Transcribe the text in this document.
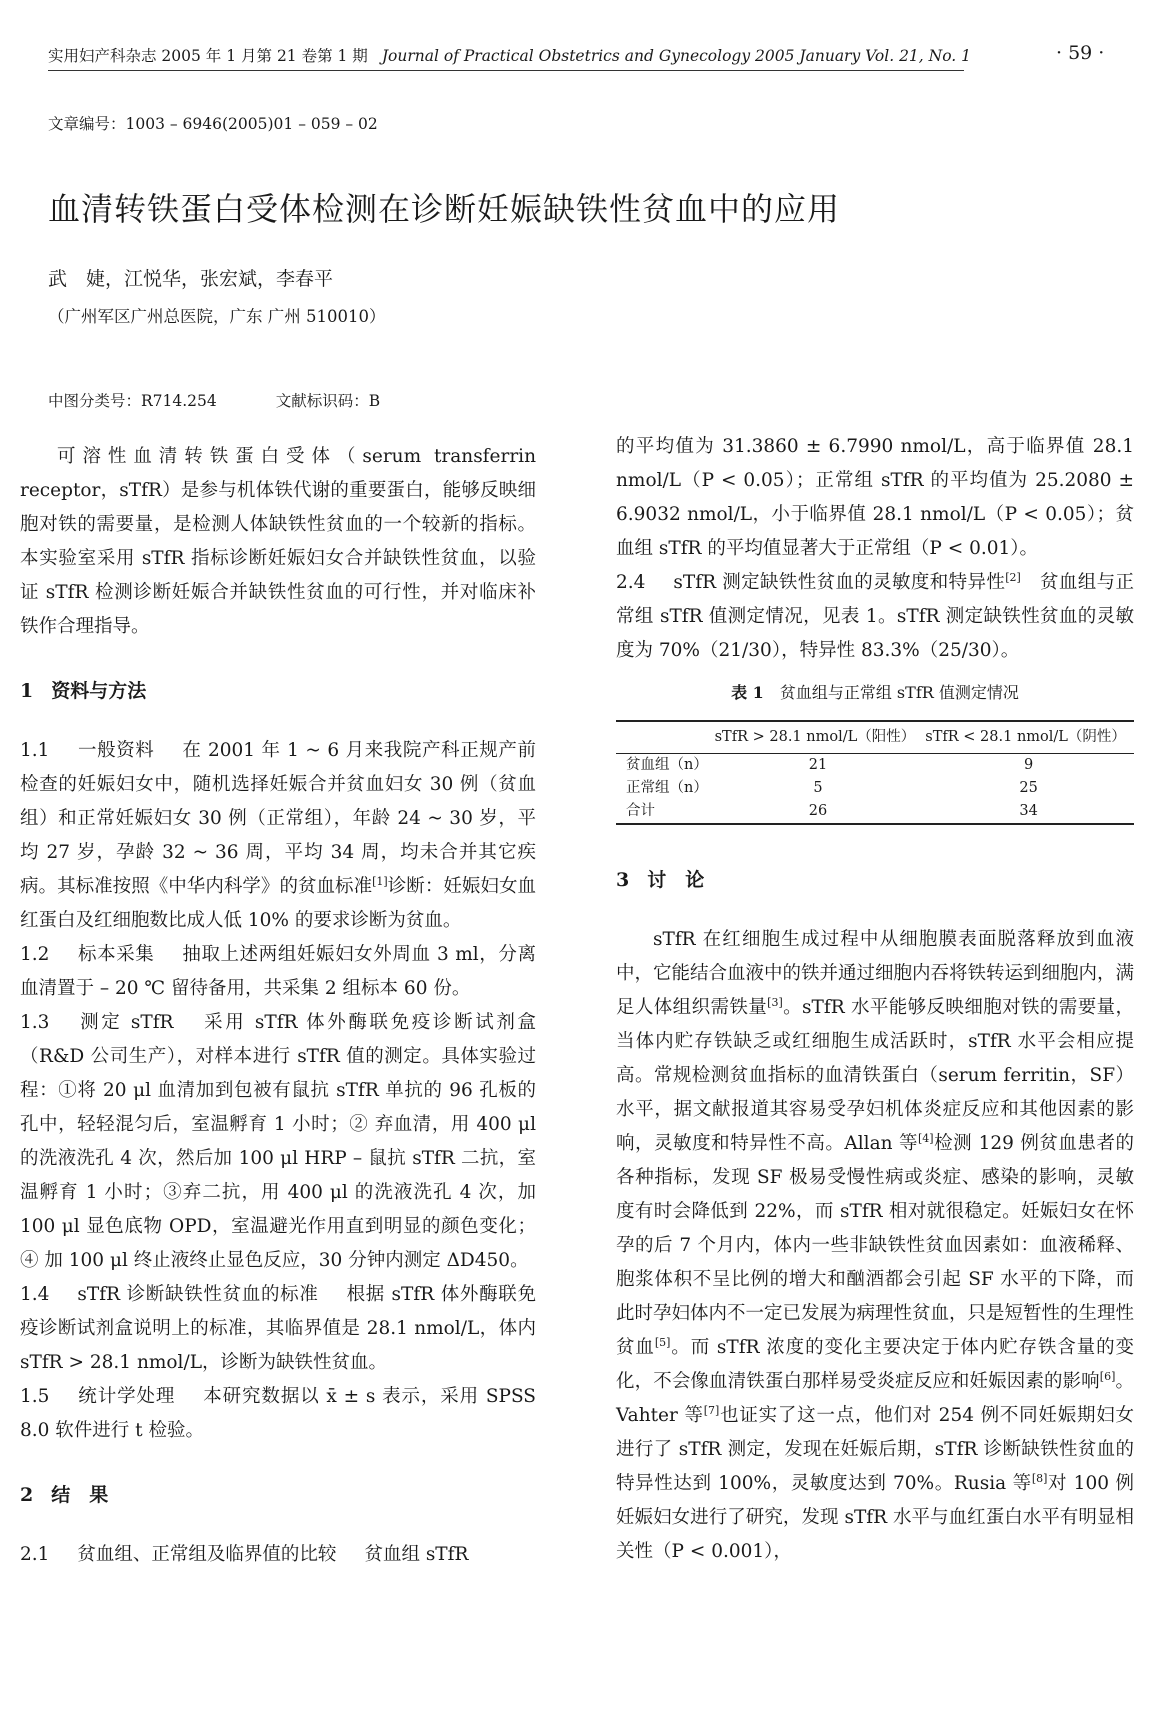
实用妇产科杂志 2005 年 1 月第 21 卷第 1 期 Journal of Practical Obstetrics and Gynecology 2005 January Vol. 21, No. 1	· 59 ·
文章编号：1003 – 6946(2005)01 – 059 – 02
血清转铁蛋白受体检测在诊断妊娠缺铁性贫血中的应用
武　婕，江悦华，张宏斌，李春平
（广州军区广州总医院，广东 广州 510010）
中图分类号：R714.254	文献标识码：B

可溶性血清转铁蛋白受体（serum transferrin receptor，sTfR）是参与机体铁代谢的重要蛋白，能够反映细胞对铁的需要量，是检测人体缺铁性贫血的一个较新的指标。本实验室采用 sTfR 指标诊断妊娠妇女合并缺铁性贫血，以验证 sTfR 检测诊断妊娠合并缺铁性贫血的可行性，并对临床补铁作合理指导。

1 资料与方法

1.1 一般资料 在 2001 年 1 ~ 6 月来我院产科正规产前检查的妊娠妇女中，随机选择妊娠合并贫血妇女 30 例（贫血组）和正常妊娠妇女 30 例（正常组），年龄 24 ~ 30 岁，平均 27 岁，孕龄 32 ~ 36 周，平均 34 周，均未合并其它疾病。其标准按照《中华内科学》的贫血标准[1]诊断：妊娠妇女血红蛋白及红细胞数比成人低 10% 的要求诊断为贫血。

1.2 标本采集 抽取上述两组妊娠妇女外周血 3 ml，分离血清置于 – 20 ℃ 留待备用，共采集 2 组标本 60 份。

1.3 测定 sTfR 采用 sTfR 体外酶联免疫诊断试剂盒（R&D 公司生产），对样本进行 sTfR 值的测定。具体实验过程：①将 20 μl 血清加到包被有鼠抗 sTfR 单抗的 96 孔板的孔中，轻轻混匀后，室温孵育 1 小时；② 弃血清，用 400 μl 的洗液洗孔 4 次，然后加 100 μl HRP – 鼠抗 sTfR 二抗，室温孵育 1 小时；③弃二抗，用 400 μl 的洗液洗孔 4 次，加 100 μl 显色底物 OPD，室温避光作用直到明显的颜色变化；④ 加 100 μl 终止液终止显色反应，30 分钟内测定 ΔD450。

1.4 sTfR 诊断缺铁性贫血的标准 根据 sTfR 体外酶联免疫诊断试剂盒说明上的标准，其临界值是 28.1 nmol/L，体内 sTfR > 28.1 nmol/L，诊断为缺铁性贫血。

1.5 统计学处理 本研究数据以 x̄ ± s 表示，采用 SPSS 8.0 软件进行 t 检验。

2 结　果

2.1 贫血组、正常组及临界值的比较 贫血组 sTfR

的平均值为 31.3860 ± 6.7990 nmol/L，高于临界值 28.1 nmol/L（P < 0.05）；正常组 sTfR 的平均值为 25.2080 ± 6.9032 nmol/L，小于临界值 28.1 nmol/L（P < 0.05）；贫血组 sTfR 的平均值显著大于正常组（P < 0.01）。

2.4 sTfR 测定缺铁性贫血的灵敏度和特异性[2]　 贫血组与正常组 sTfR 值测定情况，见表 1。sTfR 测定缺铁性贫血的灵敏度为 70%（21/30），特异性 83.3%（25/30）。

表 1　 贫血组与正常组 sTfR 值测定情况

	sTfR > 28.1 nmol/L（阳性）	sTfR < 28.1 nmol/L（阴性）
贫血组（n）	21	9
正常组（n）	5	25
合计	26	34

3 讨　论

sTfR 在红细胞生成过程中从细胞膜表面脱落释放到血液中，它能结合血液中的铁并通过细胞内吞将铁转运到细胞内，满足人体组织需铁量[3]。sTfR 水平能够反映细胞对铁的需要量，当体内贮存铁缺乏或红细胞生成活跃时，sTfR 水平会相应提高。常规检测贫血指标的血清铁蛋白（serum ferritin，SF）水平，据文献报道其容易受孕妇机体炎症反应和其他因素的影响，灵敏度和特异性不高。Allan 等[4]检测 129 例贫血患者的各种指标，发现 SF 极易受慢性病或炎症、感染的影响，灵敏度有时会降低到 22%，而 sTfR 相对就很稳定。妊娠妇女在怀孕的后 7 个月内，体内一些非缺铁性贫血因素如：血液稀释、胞浆体积不呈比例的增大和酗酒都会引起 SF 水平的下降，而此时孕妇体内不一定已发展为病理性贫血，只是短暂性的生理性贫血[5]。而 sTfR 浓度的变化主要决定于体内贮存铁含量的变化，不会像血清铁蛋白那样易受炎症反应和妊娠因素的影响[6]。Vahter 等[7]也证实了这一点，他们对 254 例不同妊娠期妇女进行了 sTfR 测定，发现在妊娠后期，sTfR 诊断缺铁性贫血的特异性达到 100%，灵敏度达到 70%。Rusia 等[8]对 100 例妊娠妇女进行了研究，发现 sTfR 水平与血红蛋白水平有明显相关性（P < 0.001），
